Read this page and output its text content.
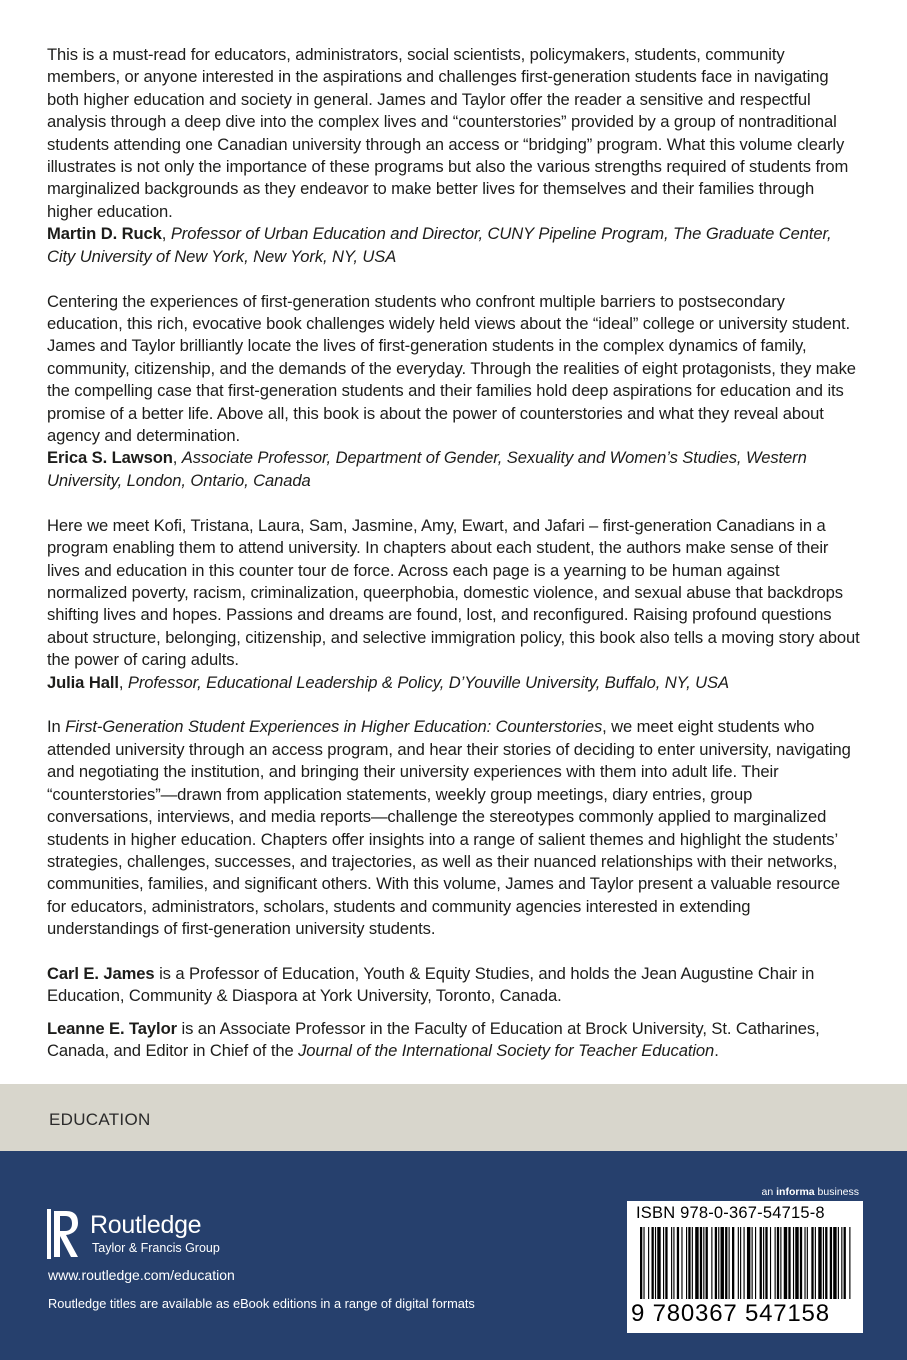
This is a must-read for educators, administrators, social scientists, policymakers, students, community members, or anyone interested in the aspirations and challenges first-generation students face in navigating both higher education and society in general. James and Taylor offer the reader a sensitive and respectful analysis through a deep dive into the complex lives and “counterstories” provided by a group of nontraditional students attending one Canadian university through an access or “bridging” program. What this volume clearly illustrates is not only the importance of these programs but also the various strengths required of students from marginalized backgrounds as they endeavor to make better lives for themselves and their families through higher education.

Martin D. Ruck, Professor of Urban Education and Director, CUNY Pipeline Program, The Graduate Center, City University of New York, New York, NY, USA

Centering the experiences of first-generation students who confront multiple barriers to postsecondary education, this rich, evocative book challenges widely held views about the “ideal” college or university student. James and Taylor brilliantly locate the lives of first-generation students in the complex dynamics of family, community, citizenship, and the demands of the everyday. Through the realities of eight protagonists, they make the compelling case that first-generation students and their families hold deep aspirations for education and its promise of a better life. Above all, this book is about the power of counterstories and what they reveal about agency and determination.

Erica S. Lawson, Associate Professor, Department of Gender, Sexuality and Women’s Studies, Western University, London, Ontario, Canada

Here we meet Kofi, Tristana, Laura, Sam, Jasmine, Amy, Ewart, and Jafari – first-generation Canadians in a program enabling them to attend university. In chapters about each student, the authors make sense of their lives and education in this counter tour de force. Across each page is a yearning to be human against normalized poverty, racism, criminalization, queerphobia, domestic violence, and sexual abuse that backdrops shifting lives and hopes. Passions and dreams are found, lost, and reconfigured. Raising profound questions about structure, belonging, citizenship, and selective immigration policy, this book also tells a moving story about the power of caring adults.

Julia Hall, Professor, Educational Leadership & Policy, D’Youville University, Buffalo, NY, USA

In First-Generation Student Experiences in Higher Education: Counterstories, we meet eight students who attended university through an access program, and hear their stories of deciding to enter university, navigating and negotiating the institution, and bringing their university experiences with them into adult life. Their “counterstories”—drawn from application statements, weekly group meetings, diary entries, group conversations, interviews, and media reports—challenge the stereotypes commonly applied to marginalized students in higher education. Chapters offer insights into a range of salient themes and highlight the students’ strategies, challenges, successes, and trajectories, as well as their nuanced relationships with their networks, communities, families, and significant others. With this volume, James and Taylor present a valuable resource for educators, administrators, scholars, students and community agencies interested in extending understandings of first-generation university students.

Carl E. James is a Professor of Education, Youth & Equity Studies, and holds the Jean Augustine Chair in Education, Community & Diaspora at York University, Toronto, Canada.

Leanne E. Taylor is an Associate Professor in the Faculty of Education at Brock University, St. Catharines, Canada, and Editor in Chief of the Journal of the International Society for Teacher Education.

EDUCATION
Routledge
Taylor & Francis Group
www.routledge.com/education
Routledge titles are available as eBook editions in a range of digital formats
an informa business
ISBN 978-0-367-54715-8
9 780367 547158
